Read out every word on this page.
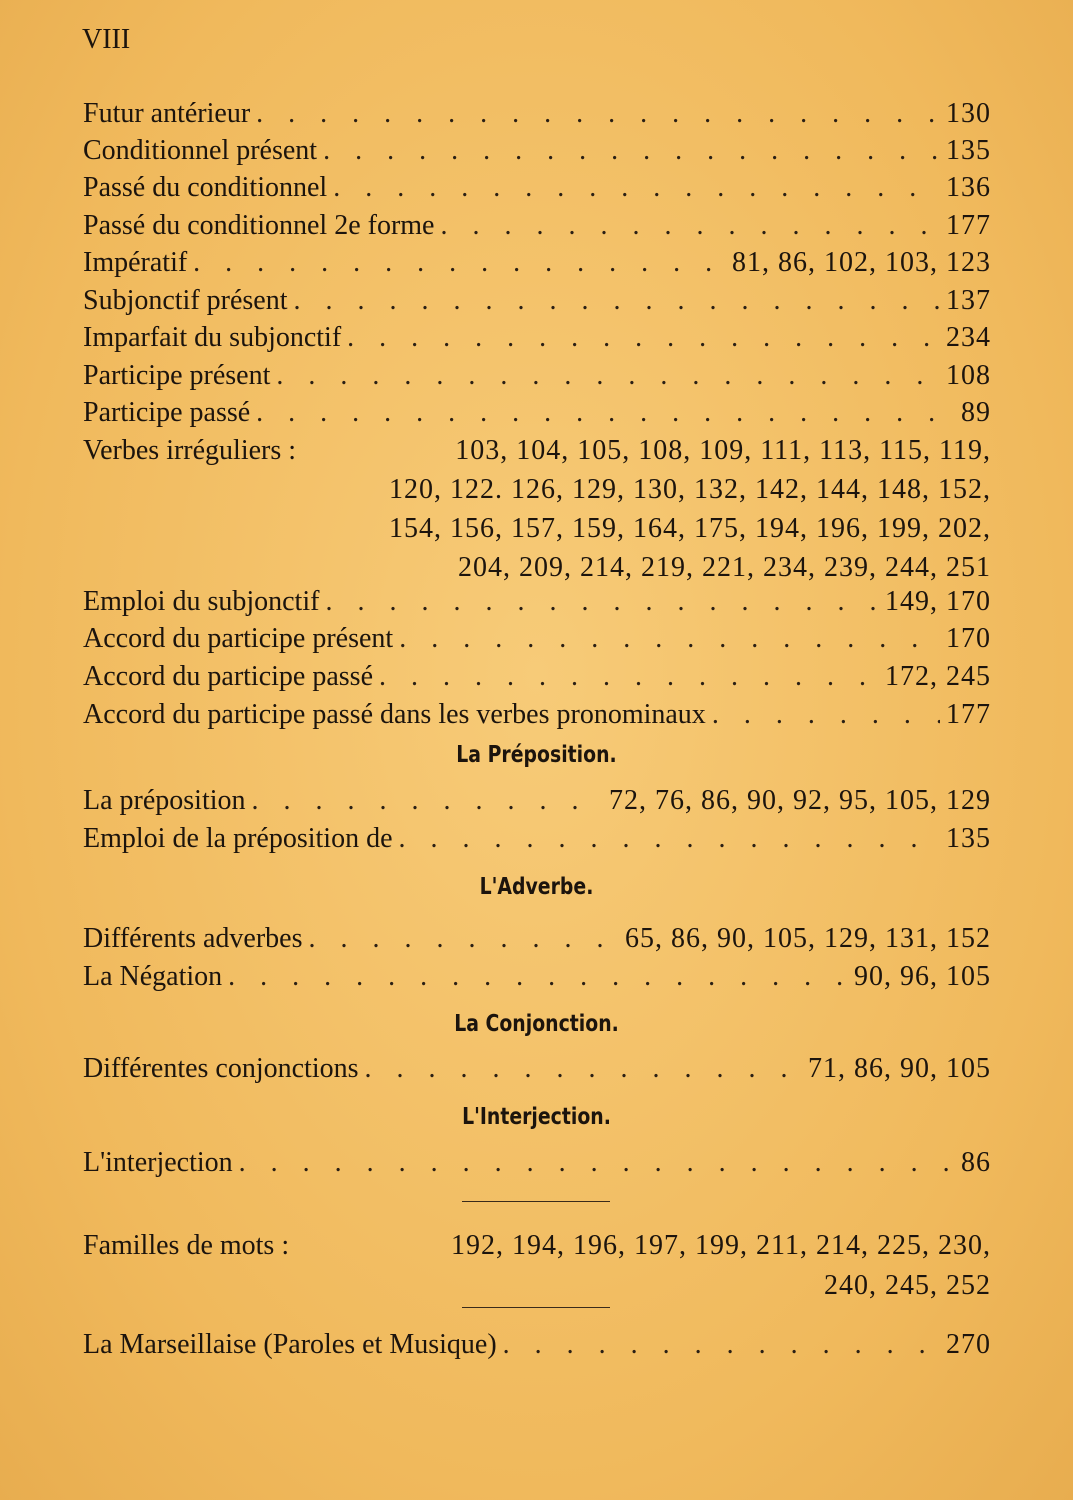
VIII
Futur antérieur . . .	130
Conditionnel présent . . .	135
Passé du conditionnel . . .	136
Passé du conditionnel 2e forme . . .	177
Impératif . . .	81, 86, 102, 103, 123
Subjonctif présent . . .	137
Imparfait du subjonctif . . .	234
Participe présent . . .	108
Participe passé . . .	89
Verbes irréguliers :	103, 104, 105, 108, 109, 111, 113, 115, 119,
120, 122. 126, 129, 130, 132, 142, 144, 148, 152,
154, 156, 157, 159, 164, 175, 194, 196, 199, 202,
204, 209, 214, 219, 221, 234, 239, 244, 251
Emploi du subjonctif . . .	149, 170
Accord du participe présent . . .	170
Accord du participe passé . . .	172, 245
Accord du participe passé dans les verbes pronominaux . . .	177
La Préposition.
La préposition . . .	72, 76, 86, 90, 92, 95, 105, 129
Emploi de la préposition de . . .	135
L'Adverbe.
Différents adverbes . . .	65, 86, 90, 105, 129, 131, 152
La Négation . . .	90, 96, 105
La Conjonction.
Différentes conjonctions . . .	71, 86, 90, 105
L'Interjection.
L'interjection . . .	86
Familles de mots :	192, 194, 196, 197, 199, 211, 214, 225, 230,
240, 245, 252
La Marseillaise (Paroles et Musique) . . .	270
